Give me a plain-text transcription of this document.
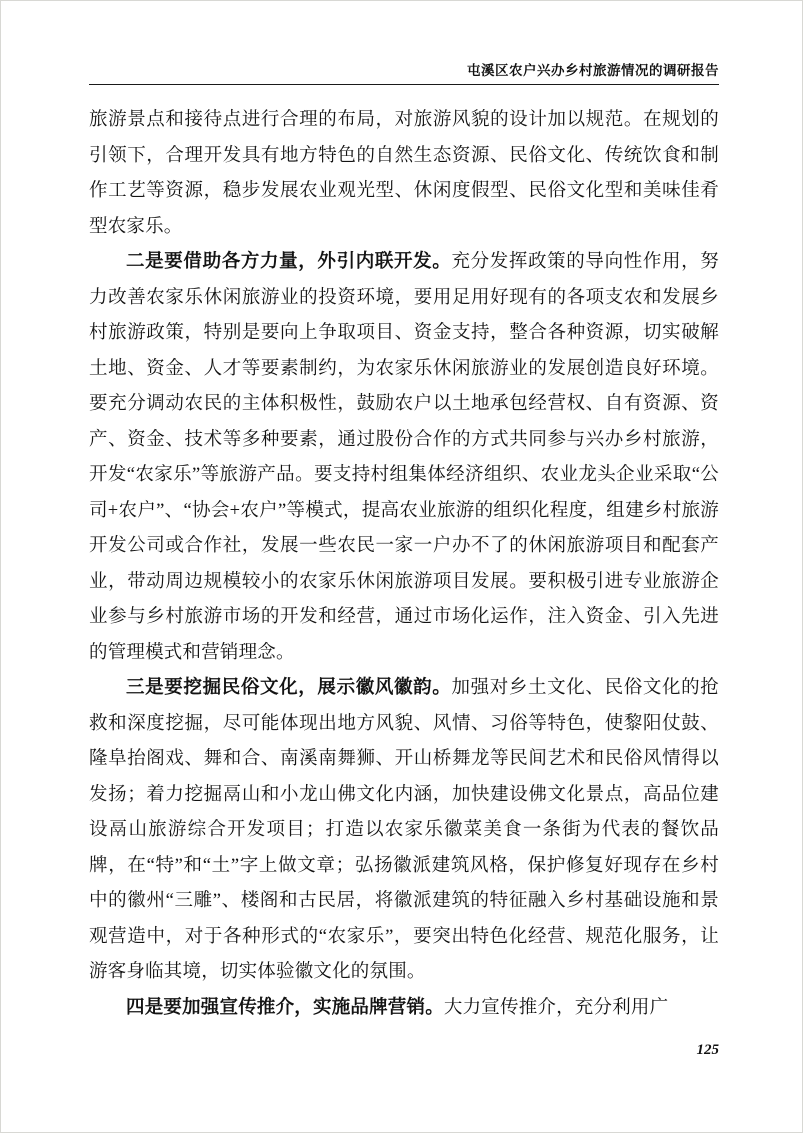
屯溪区农户兴办乡村旅游情况的调研报告

旅游景点和接待点进行合理的布局，对旅游风貌的设计加以规范。在规划的引领下，合理开发具有地方特色的自然生态资源、民俗文化、传统饮食和制作工艺等资源，稳步发展农业观光型、休闲度假型、民俗文化型和美味佳肴型农家乐。

二是要借助各方力量，外引内联开发。充分发挥政策的导向性作用，努力改善农家乐休闲旅游业的投资环境，要用足用好现有的各项支农和发展乡村旅游政策，特别是要向上争取项目、资金支持，整合各种资源，切实破解土地、资金、人才等要素制约，为农家乐休闲旅游业的发展创造良好环境。要充分调动农民的主体积极性，鼓励农户以土地承包经营权、自有资源、资产、资金、技术等多种要素，通过股份合作的方式共同参与兴办乡村旅游，开发“农家乐”等旅游产品。要支持村组集体经济组织、农业龙头企业采取“公司+农户”、“协会+农户”等模式，提高农业旅游的组织化程度，组建乡村旅游开发公司或合作社，发展一些农民一家一户办不了的休闲旅游项目和配套产业，带动周边规模较小的农家乐休闲旅游项目发展。要积极引进专业旅游企业参与乡村旅游市场的开发和经营，通过市场化运作，注入资金、引入先进的管理模式和营销理念。

三是要挖掘民俗文化，展示徽风徽韵。加强对乡土文化、民俗文化的抢救和深度挖掘，尽可能体现出地方风貌、风情、习俗等特色，使黎阳仗鼓、隆阜抬阁戏、舞和合、南溪南舞狮、开山桥舞龙等民间艺术和民俗风情得以发扬；着力挖掘鬲山和小龙山佛文化内涵，加快建设佛文化景点，高品位建设鬲山旅游综合开发项目；打造以农家乐徽菜美食一条街为代表的餐饮品牌，在“特”和“土”字上做文章；弘扬徽派建筑风格，保护修复好现存在乡村中的徽州“三雕”、楼阁和古民居，将徽派建筑的特征融入乡村基础设施和景观营造中，对于各种形式的“农家乐”，要突出特色化经营、规范化服务，让游客身临其境，切实体验徽文化的氛围。

四是要加强宣传推介，实施品牌营销。大力宣传推介，充分利用广

125
